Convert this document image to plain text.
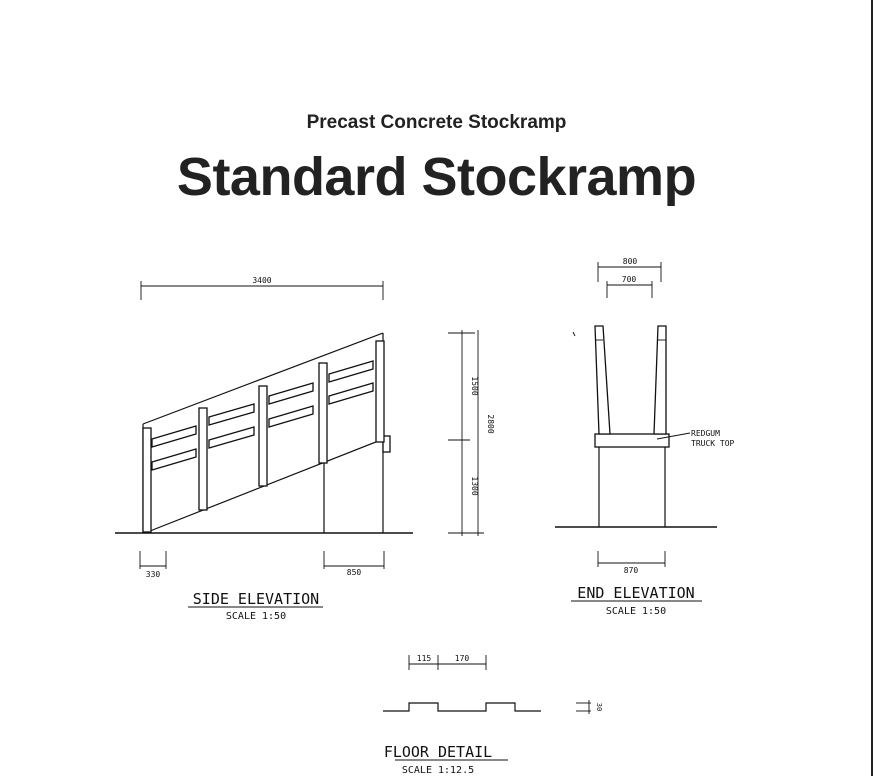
Precast Concrete Stockramp
Standard Stockramp
3400
1500
1300
2800
330	850
SIDE ELEVATION
SCALE 1:50
800
700
REDGUM
TRUCK TOP
870
END ELEVATION
SCALE 1:50
115	170
30
FLOOR DETAIL
SCALE 1:12.5
